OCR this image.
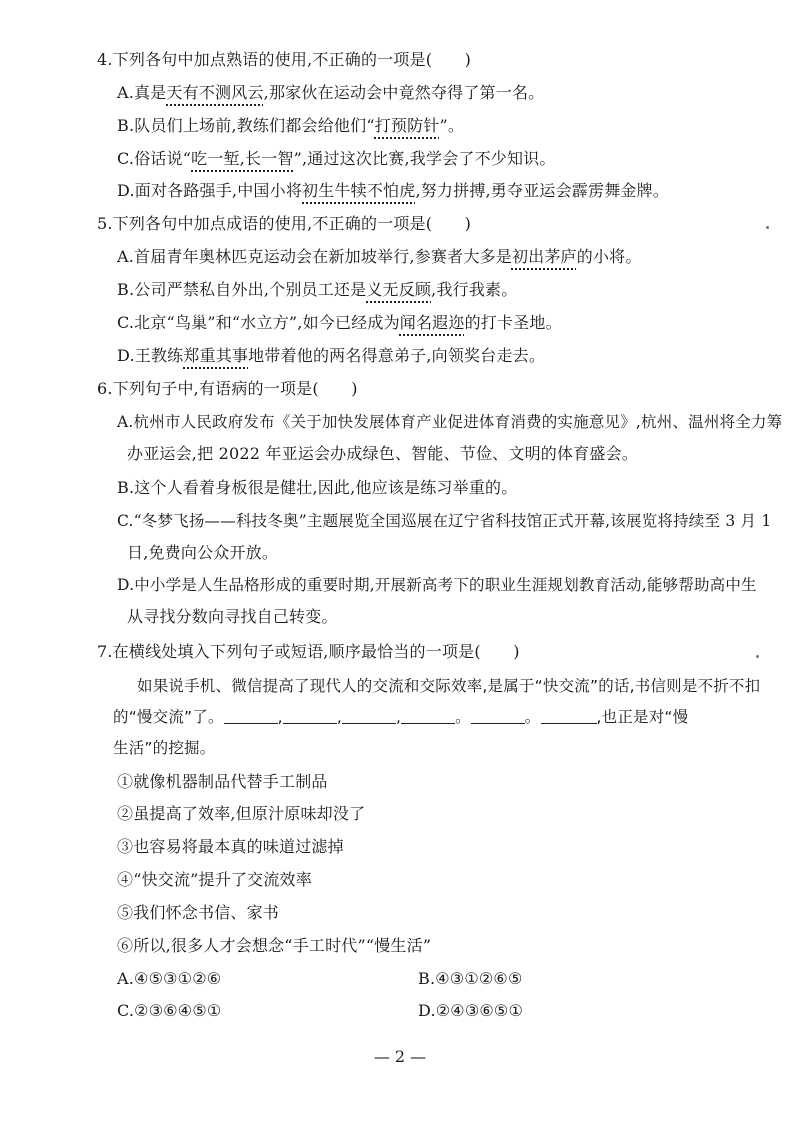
4.下列各句中加点熟语的使用,不正确的一项是(　　)
A.真是天有不测风云,那家伙在运动会中竟然夺得了第一名。
B.队员们上场前,教练们都会给他们“打预防针”。
C.俗话说“吃一堑,长一智”,通过这次比赛,我学会了不少知识。
D.面对各路强手,中国小将初生牛犊不怕虎,努力拼搏,勇夺亚运会霹雳舞金牌。
5.下列各句中加点成语的使用,不正确的一项是(　　)
A.首届青年奥林匹克运动会在新加坡举行,参赛者大多是初出茅庐的小将。
B.公司严禁私自外出,个别员工还是义无反顾,我行我素。
C.北京“鸟巢”和“水立方”,如今已经成为闻名遐迩的打卡圣地。
D.王教练郑重其事地带着他的两名得意弟子,向领奖台走去。
6.下列句子中,有语病的一项是(　　)
A.杭州市人民政府发布《关于加快发展体育产业促进体育消费的实施意见》,杭州、温州将全力筹
办亚运会,把 2022 年亚运会办成绿色、智能、节俭、文明的体育盛会。
B.这个人看着身板很是健壮,因此,他应该是练习举重的。
C.“冬梦飞扬——科技冬奥”主题展览全国巡展在辽宁省科技馆正式开幕,该展览将持续至 3 月 1
日,免费向公众开放。
D.中小学是人生品格形成的重要时期,开展新高考下的职业生涯规划教育活动,能够帮助高中生
从寻找分数向寻找自己转变。
7.在横线处填入下列句子或短语,顺序最恰当的一项是(　　)
如果说手机、微信提高了现代人的交流和交际效率,是属于“快交流”的话,书信则是不折不扣
的“慢交流”了。	,	,	,	。	。	,也正是对“慢
生活”的挖掘。
①就像机器制品代替手工制品
②虽提高了效率,但原汁原味却没了
③也容易将最本真的味道过滤掉
④“快交流”提升了交流效率
⑤我们怀念书信、家书
⑥所以,很多人才会想念“手工时代”“慢生活”
A.④⑤③①②⑥	B.④③①②⑥⑤
C.②③⑥④⑤①	D.②④③⑥⑤①
— 2 —
